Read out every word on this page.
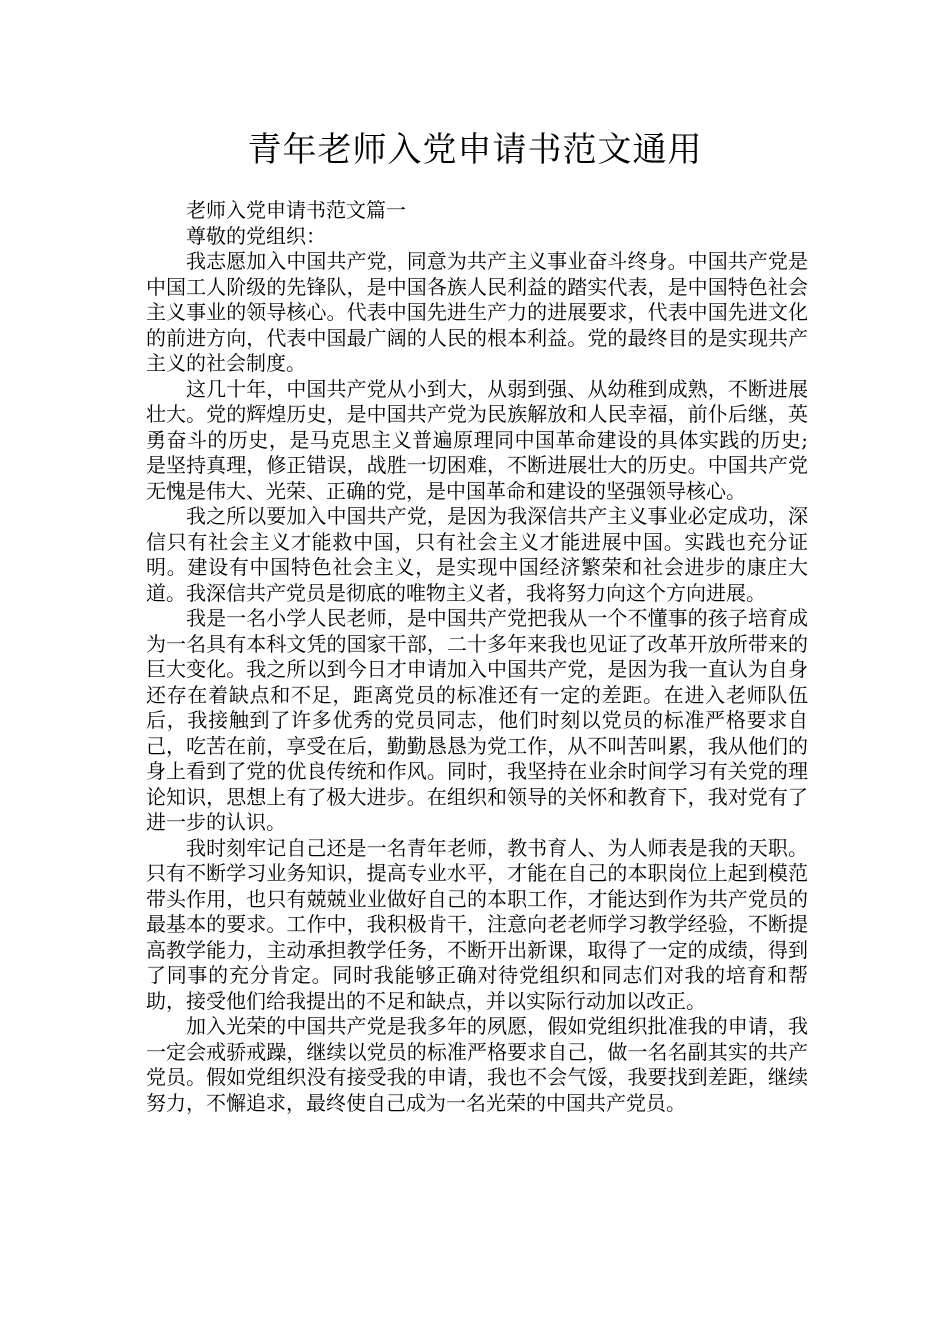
青年老师入党申请书范文通用

老师入党申请书范文篇一

尊敬的党组织：

我志愿加入中国共产党，同意为共产主义事业奋斗终身。中国共产党是中国工人阶级的先锋队，是中国各族人民利益的踏实代表，是中国特色社会主义事业的领导核心。代表中国先进生产力的进展要求，代表中国先进文化的前进方向，代表中国最广阔的人民的根本利益。党的最终目的是实现共产主义的社会制度。

这几十年，中国共产党从小到大，从弱到强、从幼稚到成熟，不断进展壮大。党的辉煌历史，是中国共产党为民族解放和人民幸福，前仆后继，英勇奋斗的历史，是马克思主义普遍原理同中国革命建设的具体实践的历史;是坚持真理，修正错误，战胜一切困难，不断进展壮大的历史。中国共产党无愧是伟大、光荣、正确的党，是中国革命和建设的坚强领导核心。

我之所以要加入中国共产党，是因为我深信共产主义事业必定成功，深信只有社会主义才能救中国，只有社会主义才能进展中国。实践也充分证明。建设有中国特色社会主义，是实现中国经济繁荣和社会进步的康庄大道。我深信共产党员是彻底的唯物主义者，我将努力向这个方向进展。

我是一名小学人民老师，是中国共产党把我从一个不懂事的孩子培育成为一名具有本科文凭的国家干部，二十多年来我也见证了改革开放所带来的巨大变化。我之所以到今日才申请加入中国共产党，是因为我一直认为自身还存在着缺点和不足，距离党员的标准还有一定的差距。在进入老师队伍后，我接触到了许多优秀的党员同志，他们时刻以党员的标准严格要求自己，吃苦在前，享受在后，勤勤恳恳为党工作，从不叫苦叫累，我从他们的身上看到了党的优良传统和作风。同时，我坚持在业余时间学习有关党的理论知识，思想上有了极大进步。在组织和领导的关怀和教育下，我对党有了进一步的认识。

我时刻牢记自己还是一名青年老师，教书育人、为人师表是我的天职。只有不断学习业务知识，提高专业水平，才能在自己的本职岗位上起到模范带头作用，也只有兢兢业业做好自己的本职工作，才能达到作为共产党员的最基本的要求。工作中，我积极肯干，注意向老老师学习教学经验，不断提高教学能力，主动承担教学任务，不断开出新课，取得了一定的成绩，得到了同事的充分肯定。同时我能够正确对待党组织和同志们对我的培育和帮助，接受他们给我提出的不足和缺点，并以实际行动加以改正。

加入光荣的中国共产党是我多年的夙愿，假如党组织批准我的申请，我一定会戒骄戒躁，继续以党员的标准严格要求自己，做一名名副其实的共产党员。假如党组织没有接受我的申请，我也不会气馁，我要找到差距，继续努力，不懈追求，最终使自己成为一名光荣的中国共产党员。
